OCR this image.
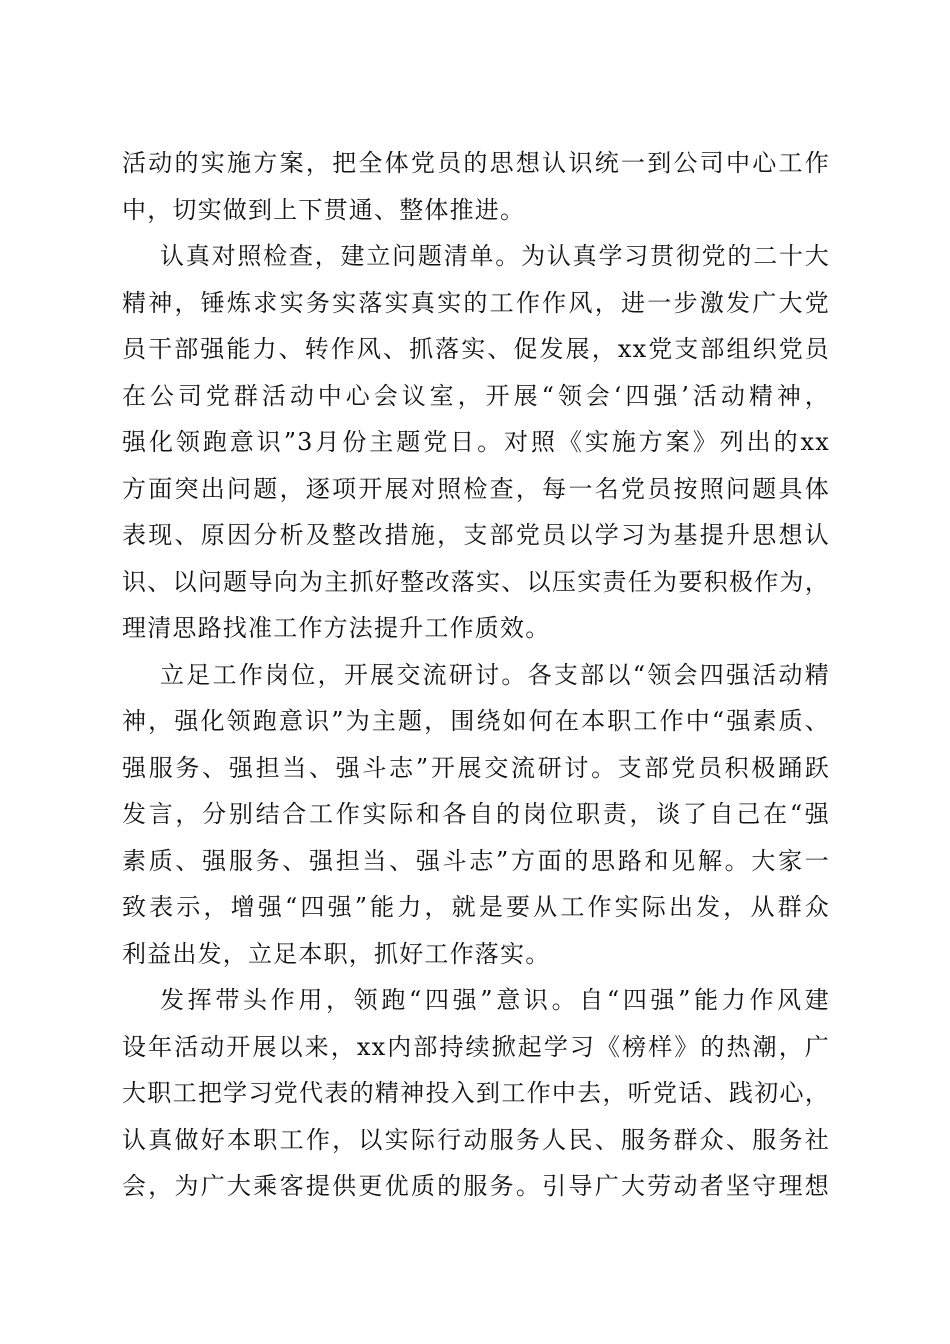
活动的实施方案，把全体党员的思想认识统一到公司中心工作
中，切实做到上下贯通、整体推进。
认真对照检查，建立问题清单。为认真学习贯彻党的二十大
精神，锤炼求实务实落实真实的工作作风，进一步激发广大党
员干部强能力、转作风、抓落实、促发展，xx党支部组织党员
在公司党群活动中心会议室，开展“领会‘四强’活动精神，
强化领跑意识”3月份主题党日。对照《实施方案》列出的xx
方面突出问题，逐项开展对照检查，每一名党员按照问题具体
表现、原因分析及整改措施，支部党员以学习为基提升思想认
识、以问题导向为主抓好整改落实、以压实责任为要积极作为，
理清思路找准工作方法提升工作质效。
立足工作岗位，开展交流研讨。各支部以“领会四强活动精
神，强化领跑意识”为主题，围绕如何在本职工作中“强素质、
强服务、强担当、强斗志”开展交流研讨。支部党员积极踊跃
发言，分别结合工作实际和各自的岗位职责，谈了自己在“强
素质、强服务、强担当、强斗志”方面的思路和见解。大家一
致表示，增强“四强”能力，就是要从工作实际出发，从群众
利益出发，立足本职，抓好工作落实。
发挥带头作用，领跑“四强”意识。自“四强”能力作风建
设年活动开展以来，xx内部持续掀起学习《榜样》的热潮，广
大职工把学习党代表的精神投入到工作中去，听党话、践初心，
认真做好本职工作，以实际行动服务人民、服务群众、服务社
会，为广大乘客提供更优质的服务。引导广大劳动者坚守理想
